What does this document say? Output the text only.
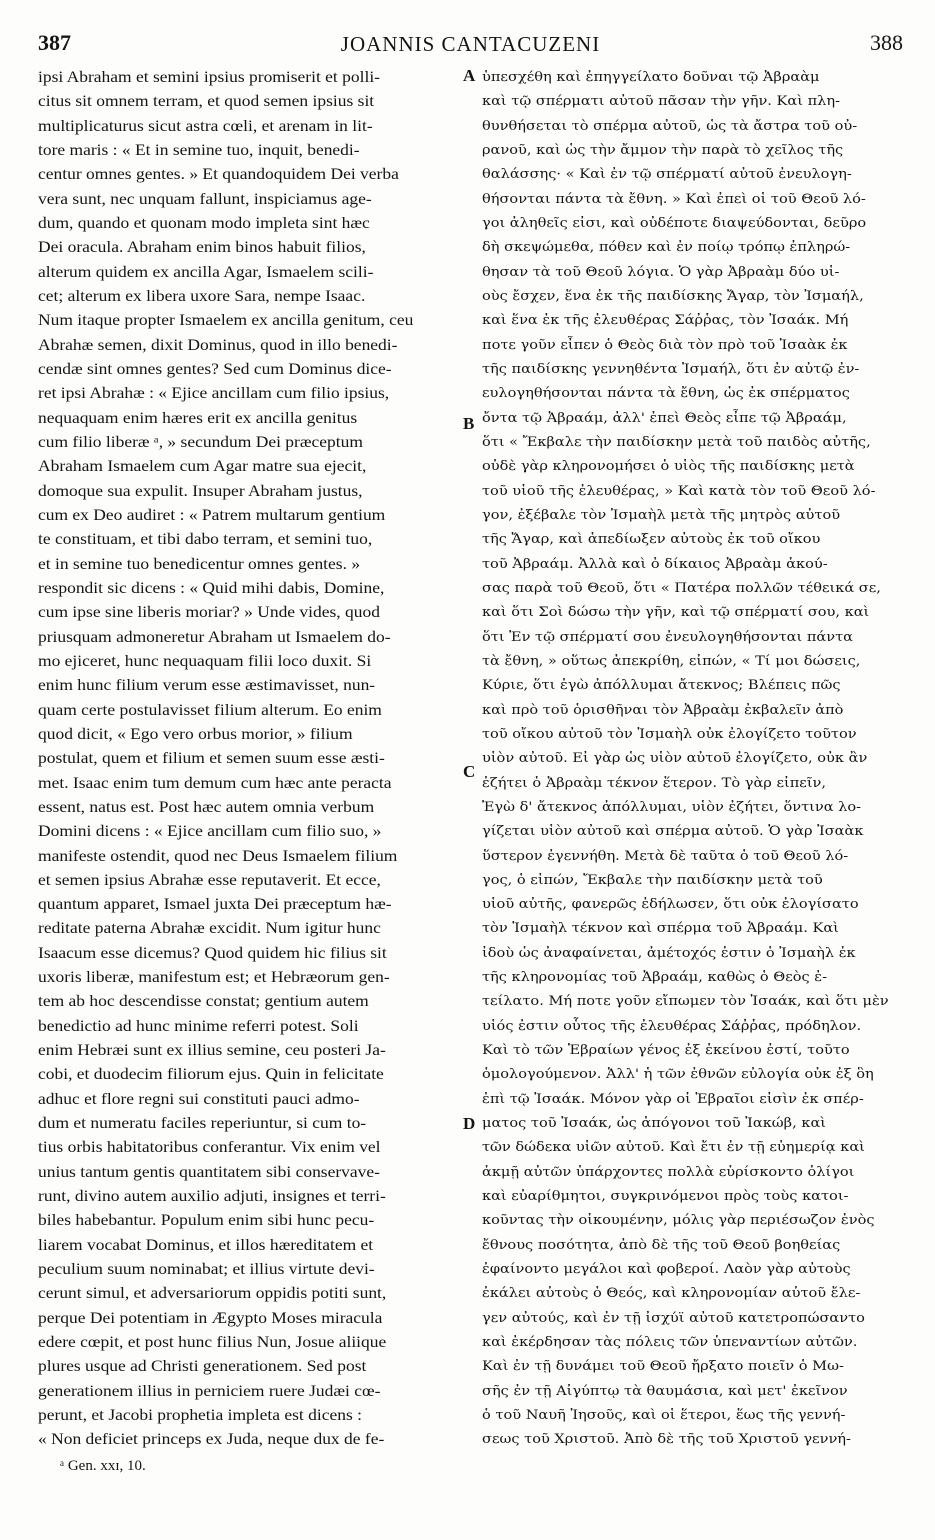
387	JOANNIS CANTACUZENI	388

ipsi Abraham et semini ipsius promiserit et polli-

citus sit omnem terram, et quod semen ipsius sit

multiplicaturus sicut astra cœli, et arenam in lit-

tore maris : « Et in semine tuo, inquit, benedi-

centur omnes gentes. » Et quandoquidem Dei verba

vera sunt, nec unquam fallunt, inspiciamus age-

dum, quando et quonam modo impleta sint hæc

Dei oracula. Abraham enim binos habuit filios,

alterum quidem ex ancilla Agar, Ismaelem scili-

cet; alterum ex libera uxore Sara, nempe Isaac.

Num itaque propter Ismaelem ex ancilla genitum, ceu

Abrahæ semen, dixit Dominus, quod in illo benedi-

cendæ sint omnes gentes? Sed cum Dominus dice-

ret ipsi Abrahæ : « Ejice ancillam cum filio ipsius,

nequaquam enim hæres erit ex ancilla genitus

cum filio liberæ ᵃ, » secundum Dei præceptum

Abraham Ismaelem cum Agar matre sua ejecit,

domoque sua expulit. Insuper Abraham justus,

cum ex Deo audiret : « Patrem multarum gentium

te constituam, et tibi dabo terram, et semini tuo,

et in semine tuo benedicentur omnes gentes. »

respondit sic dicens : « Quid mihi dabis, Domine,

cum ipse sine liberis moriar? » Unde vides, quod

priusquam admoneretur Abraham ut Ismaelem do-

mo ejiceret, hunc nequaquam filii loco duxit. Si

enim hunc filium verum esse æstimavisset, nun-

quam certe postulavisset filium alterum. Eo enim

quod dicit, « Ego vero orbus morior, » filium

postulat, quem et filium et semen suum esse æsti-

met. Isaac enim tum demum cum hæc ante peracta

essent, natus est. Post hæc autem omnia verbum

Domini dicens : « Ejice ancillam cum filio suo, »

manifeste ostendit, quod nec Deus Ismaelem filium

et semen ipsius Abrahæ esse reputaverit. Et ecce,

quantum apparet, Ismael juxta Dei præceptum hæ-

reditate paterna Abrahæ excidit. Num igitur hunc

Isaacum esse dicemus? Quod quidem hic filius sit

uxoris liberæ, manifestum est; et Hebræorum gen-

tem ab hoc descendisse constat; gentium autem

benedictio ad hunc minime referri potest. Soli

enim Hebræi sunt ex illius semine, ceu posteri Ja-

cobi, et duodecim filiorum ejus. Quin in felicitate

adhuc et flore regni sui constituti pauci admo-

dum et numeratu faciles reperiuntur, si cum to-

tius orbis habitatoribus conferantur. Vix enim vel

unius tantum gentis quantitatem sibi conservave-

runt, divino autem auxilio adjuti, insignes et terri-

biles habebantur. Populum enim sibi hunc pecu-

liarem vocabat Dominus, et illos hæreditatem et

peculium suum nominabat; et illius virtute devi-

cerunt simul, et adversariorum oppidis potiti sunt,

perque Dei potentiam in Ægypto Moses miracula

edere cœpit, et post hunc filius Nun, Josue aliique

plures usque ad Christi generationem. Sed post

generationem illius in perniciem ruere Judæi cœ-

perunt, et Jacobi prophetia impleta est dicens :

« Non deficiet princeps ex Juda, neque dux de fe-

A
B
C
D

ὑπεσχέθη καὶ ἐπηγγείλατο δοῦναι τῷ Ἀβραὰμ

καὶ τῷ σπέρματι αὐτοῦ πᾶσαν τὴν γῆν. Καὶ πλη-

θυνθήσεται τὸ σπέρμα αὐτοῦ, ὡς τὰ ἄστρα τοῦ οὐ-

ρανοῦ, καὶ ὡς τὴν ἄμμον τὴν παρὰ τὸ χεῖλος τῆς

θαλάσσης· « Καὶ ἐν τῷ σπέρματί αὐτοῦ ἐνευλογη-

θήσονται πάντα τὰ ἔθνη. » Καὶ ἐπεὶ οἱ τοῦ Θεοῦ λό-

γοι ἀληθεῖς εἰσι, καὶ οὐδέποτε διαψεύδονται, δεῦρο

δὴ σκεψώμεθα, πόθεν καὶ ἐν ποίῳ τρόπῳ ἐπληρώ-

θησαν τὰ τοῦ Θεοῦ λόγια. Ὁ γὰρ Ἀβραὰμ δύο υἱ-

οὺς ἔσχεν, ἕνα ἐκ τῆς παιδίσκης Ἄγαρ, τὸν Ἰσμαήλ,

καὶ ἕνα ἐκ τῆς ἐλευθέρας Σάῤῥας, τὸν Ἰσαάκ. Μή

ποτε γοῦν εἶπεν ὁ Θεὸς διὰ τὸν πρὸ τοῦ Ἰσαὰκ ἐκ

τῆς παιδίσκης γεννηθέντα Ἰσμαήλ, ὅτι ἐν αὐτῷ ἐν-

ευλογηθήσονται πάντα τὰ ἔθνη, ὡς ἐκ σπέρματος

ὄντα τῷ Ἀβραάμ, ἀλλ' ἐπεὶ Θεὸς εἶπε τῷ Ἀβραάμ,

ὅτι « Ἔκβαλε τὴν παιδίσκην μετὰ τοῦ παιδὸς αὐτῆς,

οὐδὲ γὰρ κληρονομήσει ὁ υἱὸς τῆς παιδίσκης μετὰ

τοῦ υἱοῦ τῆς ἐλευθέρας, » Καὶ κατὰ τὸν τοῦ Θεοῦ λό-

γον, ἐξέβαλε τὸν Ἰσμαὴλ μετὰ τῆς μητρὸς αὐτοῦ

τῆς Ἄγαρ, καὶ ἀπεδίωξεν αὐτοὺς ἐκ τοῦ οἴκου

τοῦ Ἀβραάμ. Ἀλλὰ καὶ ὁ δίκαιος Ἀβραὰμ ἀκού-

σας παρὰ τοῦ Θεοῦ, ὅτι « Πατέρα πολλῶν τέθεικά σε,

καὶ ὅτι Σοὶ δώσω τὴν γῆν, καὶ τῷ σπέρματί σου, καὶ

ὅτι Ἐν τῷ σπέρματί σου ἐνευλογηθήσονται πάντα

τὰ ἔθνη, » οὕτως ἀπεκρίθη, εἰπών, « Τί μοι δώσεις,

Κύριε, ὅτι ἐγὼ ἀπόλλυμαι ἄτεκνος; Βλέπεις πῶς

καὶ πρὸ τοῦ ὁρισθῆναι τὸν Ἀβραὰμ ἐκβαλεῖν ἀπὸ

τοῦ οἴκου αὐτοῦ τὸν Ἰσμαὴλ οὐκ ἐλογίζετο τοῦτον

υἱὸν αὐτοῦ. Εἰ γὰρ ὡς υἱὸν αὐτοῦ ἐλογίζετο, οὐκ ἂν

ἐζήτει ὁ Ἀβραὰμ τέκνον ἕτερον. Τὸ γὰρ εἰπεῖν,

Ἐγὼ δ' ἄτεκνος ἀπόλλυμαι, υἱὸν ἐζήτει, ὅντινα λο-

γίζεται υἱὸν αὐτοῦ καὶ σπέρμα αὐτοῦ. Ὁ γὰρ Ἰσαὰκ

ὕστερον ἐγεννήθη. Μετὰ δὲ ταῦτα ὁ τοῦ Θεοῦ λό-

γος, ὁ εἰπών, Ἔκβαλε τὴν παιδίσκην μετὰ τοῦ

υἱοῦ αὐτῆς, φανερῶς ἐδήλωσεν, ὅτι οὐκ ἐλογίσατο

τὸν Ἰσμαὴλ τέκνον καὶ σπέρμα τοῦ Ἀβραάμ. Καὶ

ἰδοὺ ὡς ἀναφαίνεται, ἀμέτοχός ἐστιν ὁ Ἰσμαὴλ ἐκ

τῆς κληρονομίας τοῦ Ἀβραάμ, καθὼς ὁ Θεὸς ἐ-

τείλατο. Μή ποτε γοῦν εἴπωμεν τὸν Ἰσαάκ, καὶ ὅτι μὲν

υἱός ἐστιν οὗτος τῆς ἐλευθέρας Σάῤῥας, πρόδηλον.

Καὶ τὸ τῶν Ἑβραίων γένος ἐξ ἐκείνου ἐστί, τοῦτο

ὁμολογούμενον. Ἀλλ' ἡ τῶν ἐθνῶν εὐλογία οὐκ ἐξ ὃη

ἐπὶ τῷ Ἰσαάκ. Μόνον γὰρ οἱ Ἑβραῖοι εἰσὶν ἐκ σπέρ-

ματος τοῦ Ἰσαάκ, ὡς ἀπόγονοι τοῦ Ἰακώβ, καὶ

τῶν δώδεκα υἱῶν αὐτοῦ. Καὶ ἔτι ἐν τῇ εὐημερίᾳ καὶ

ἀκμῇ αὐτῶν ὑπάρχοντες πολλὰ εὑρίσκοντο ὀλίγοι

καὶ εὐαρίθμητοι, συγκρινόμενοι πρὸς τοὺς κατοι-

κοῦντας τὴν οἰκουμένην, μόλις γὰρ περιέσωζον ἑνὸς

ἔθνους ποσότητα, ἀπὸ δὲ τῆς τοῦ Θεοῦ βοηθείας

ἐφαίνοντο μεγάλοι καὶ φοβεροί. Λαὸν γὰρ αὐτοὺς

ἐκάλει αὐτοὺς ὁ Θεός, καὶ κληρονομίαν αὐτοῦ ἔλε-

γεν αὐτούς, καὶ ἐν τῇ ἰσχύϊ αὐτοῦ κατετροπώσαντο

καὶ ἐκέρδησαν τὰς πόλεις τῶν ὑπεναντίων αὐτῶν.

Καὶ ἐν τῇ δυνάμει τοῦ Θεοῦ ἤρξατο ποιεῖν ὁ Μω-

σῆς ἐν τῇ Αἰγύπτῳ τὰ θαυμάσια, καὶ μετ' ἐκεῖνον

ὁ τοῦ Ναυῆ Ἰησοῦς, καὶ οἱ ἕτεροι, ἕως τῆς γεννή-

σεως τοῦ Χριστοῦ. Ἀπὸ δὲ τῆς τοῦ Χριστοῦ γεννή-

ᵃ Gen. xxɪ, 10.
